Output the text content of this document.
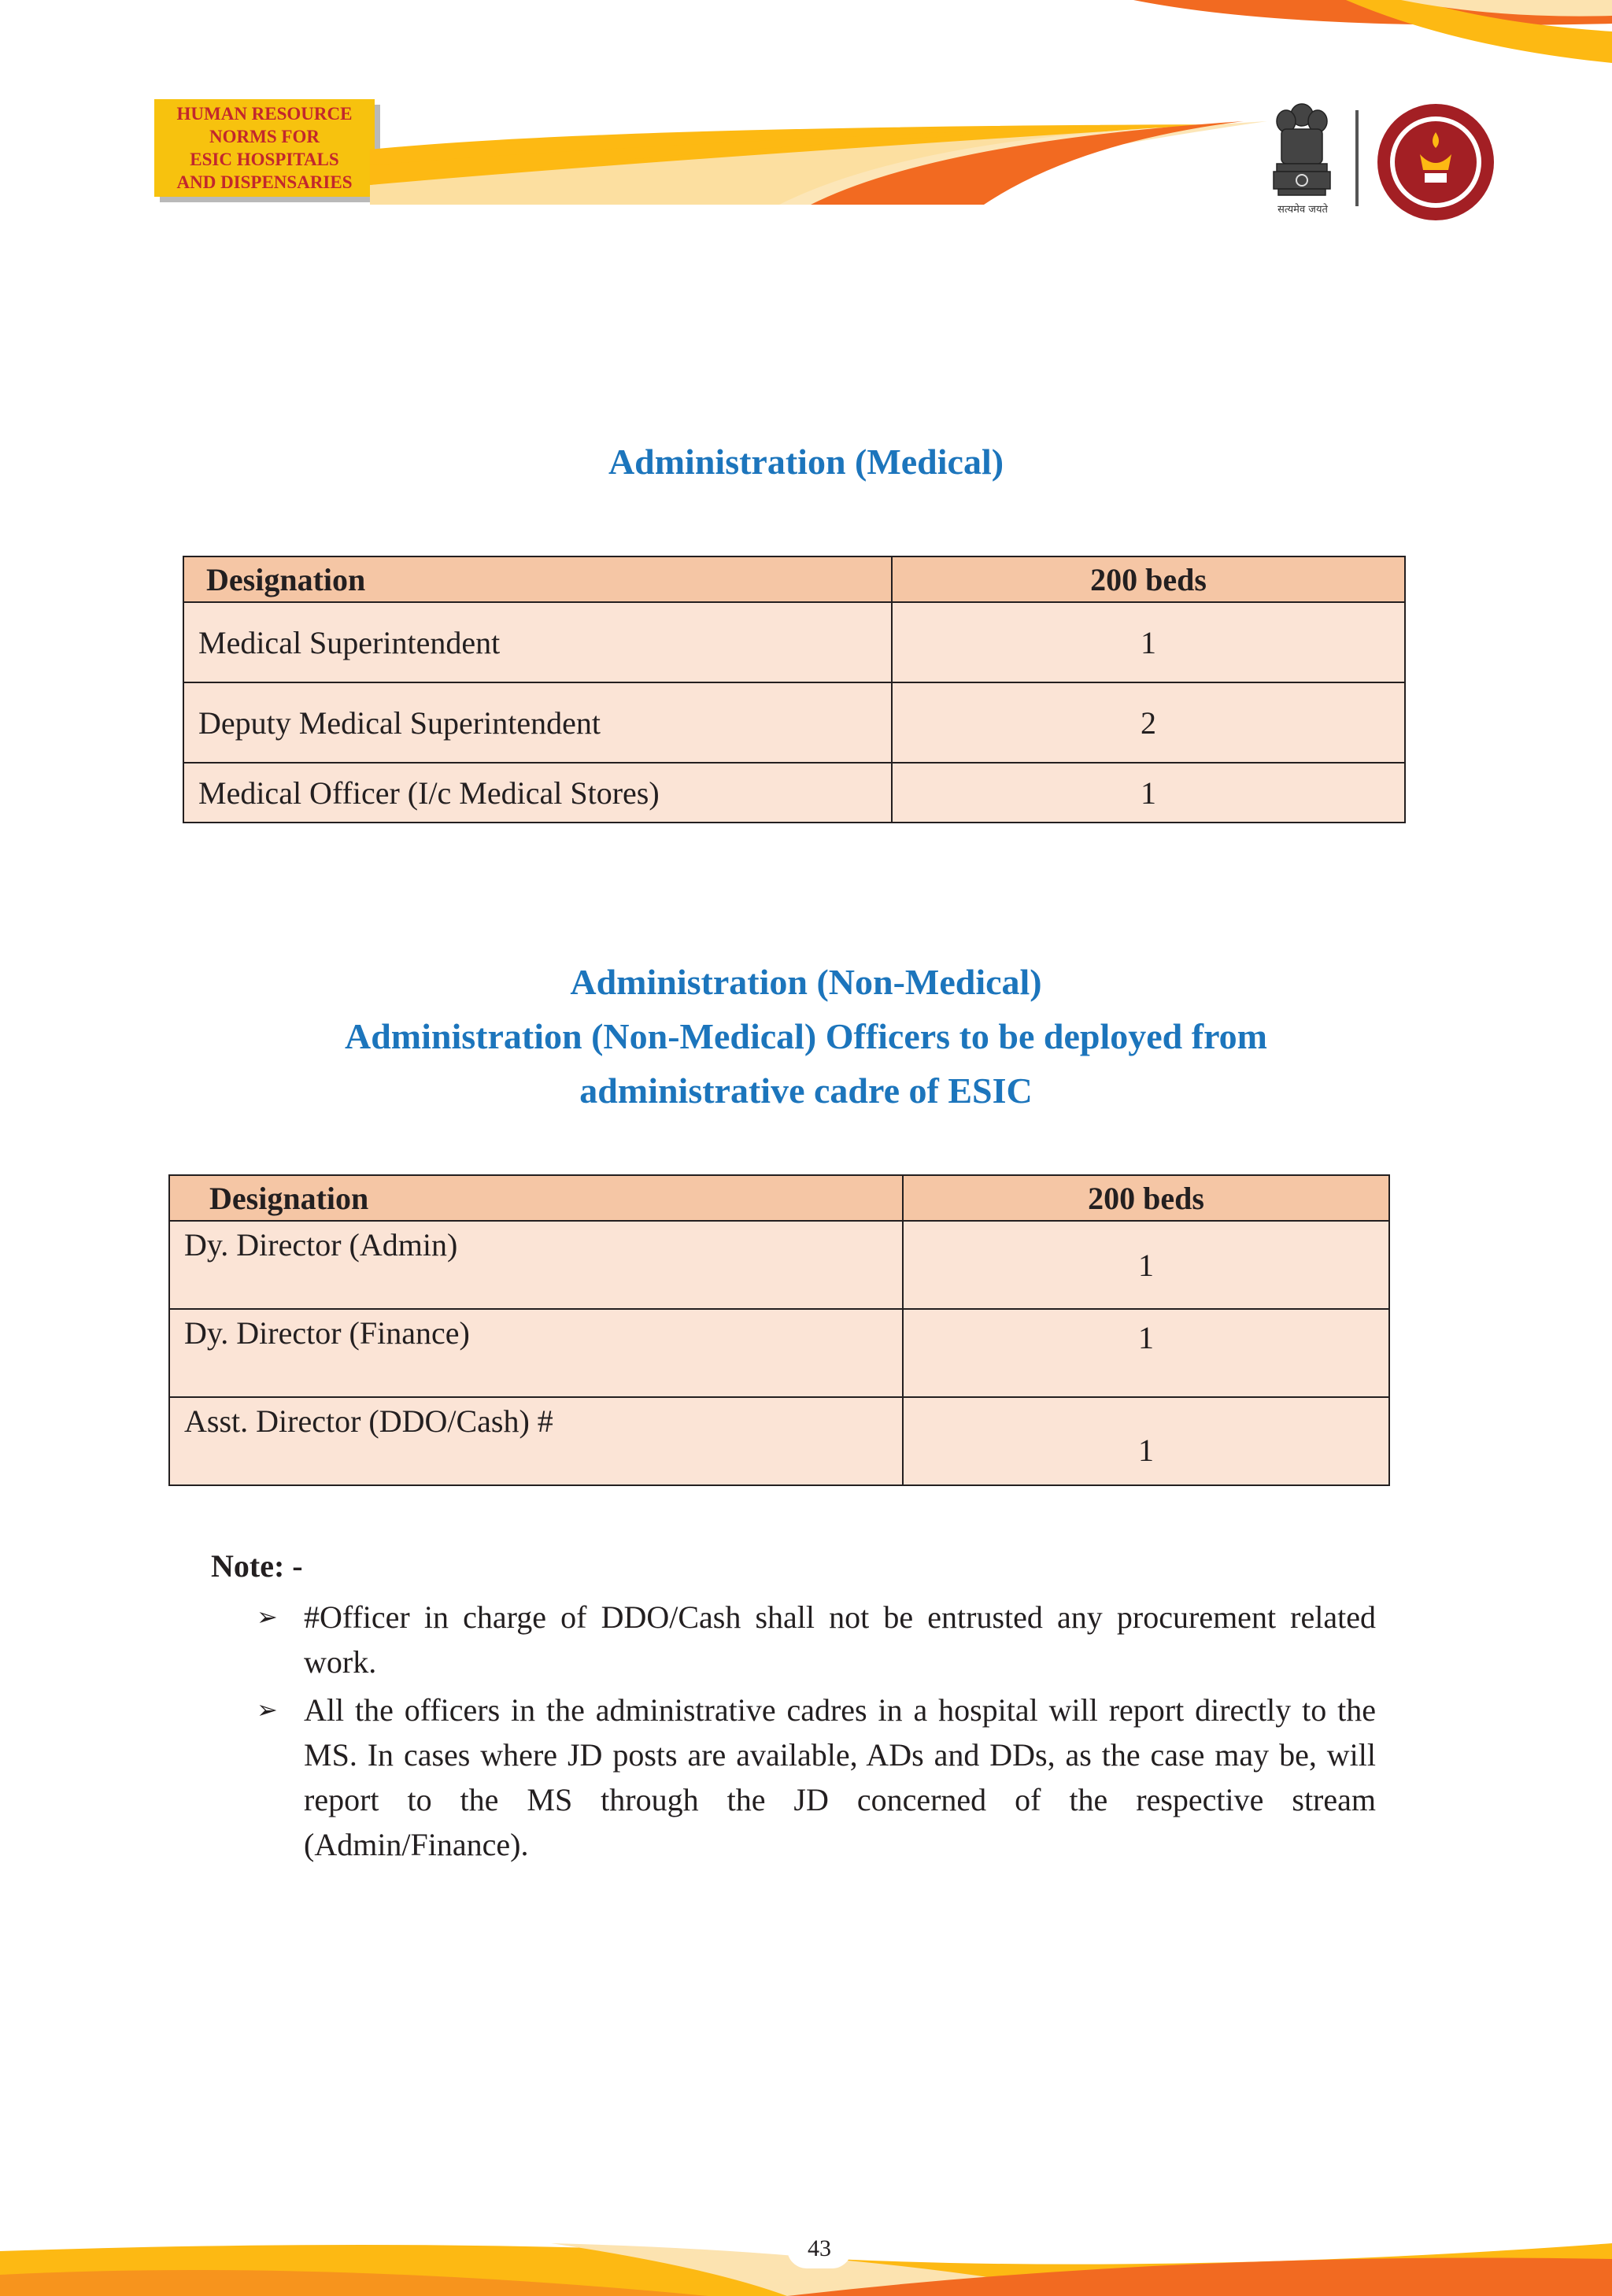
HUMAN RESOURCE
NORMS FOR
ESIC HOSPITALS
AND DISPENSARIES
सत्यमेव जयते
Administration (Medical)
Designation	200 beds
Medical Superintendent	1
Deputy Medical Superintendent	2
Medical Officer (I/c Medical Stores)	1
Administration (Non-Medical)
Administration (Non-Medical) Officers to be deployed from
administrative cadre of ESIC
Designation	200 beds
Dy. Director (Admin)	1
Dy. Director (Finance)	1
Asst. Director (DDO/Cash) #	1
Note: -
➢ #Officer in charge of DDO/Cash shall not be entrusted any procurement related work.
➢ All the officers in the administrative cadres in a hospital will report directly to the MS. In cases where JD posts are available, ADs and DDs, as the case may be, will report to the MS through the JD concerned of the respective stream (Admin/Finance).
43
